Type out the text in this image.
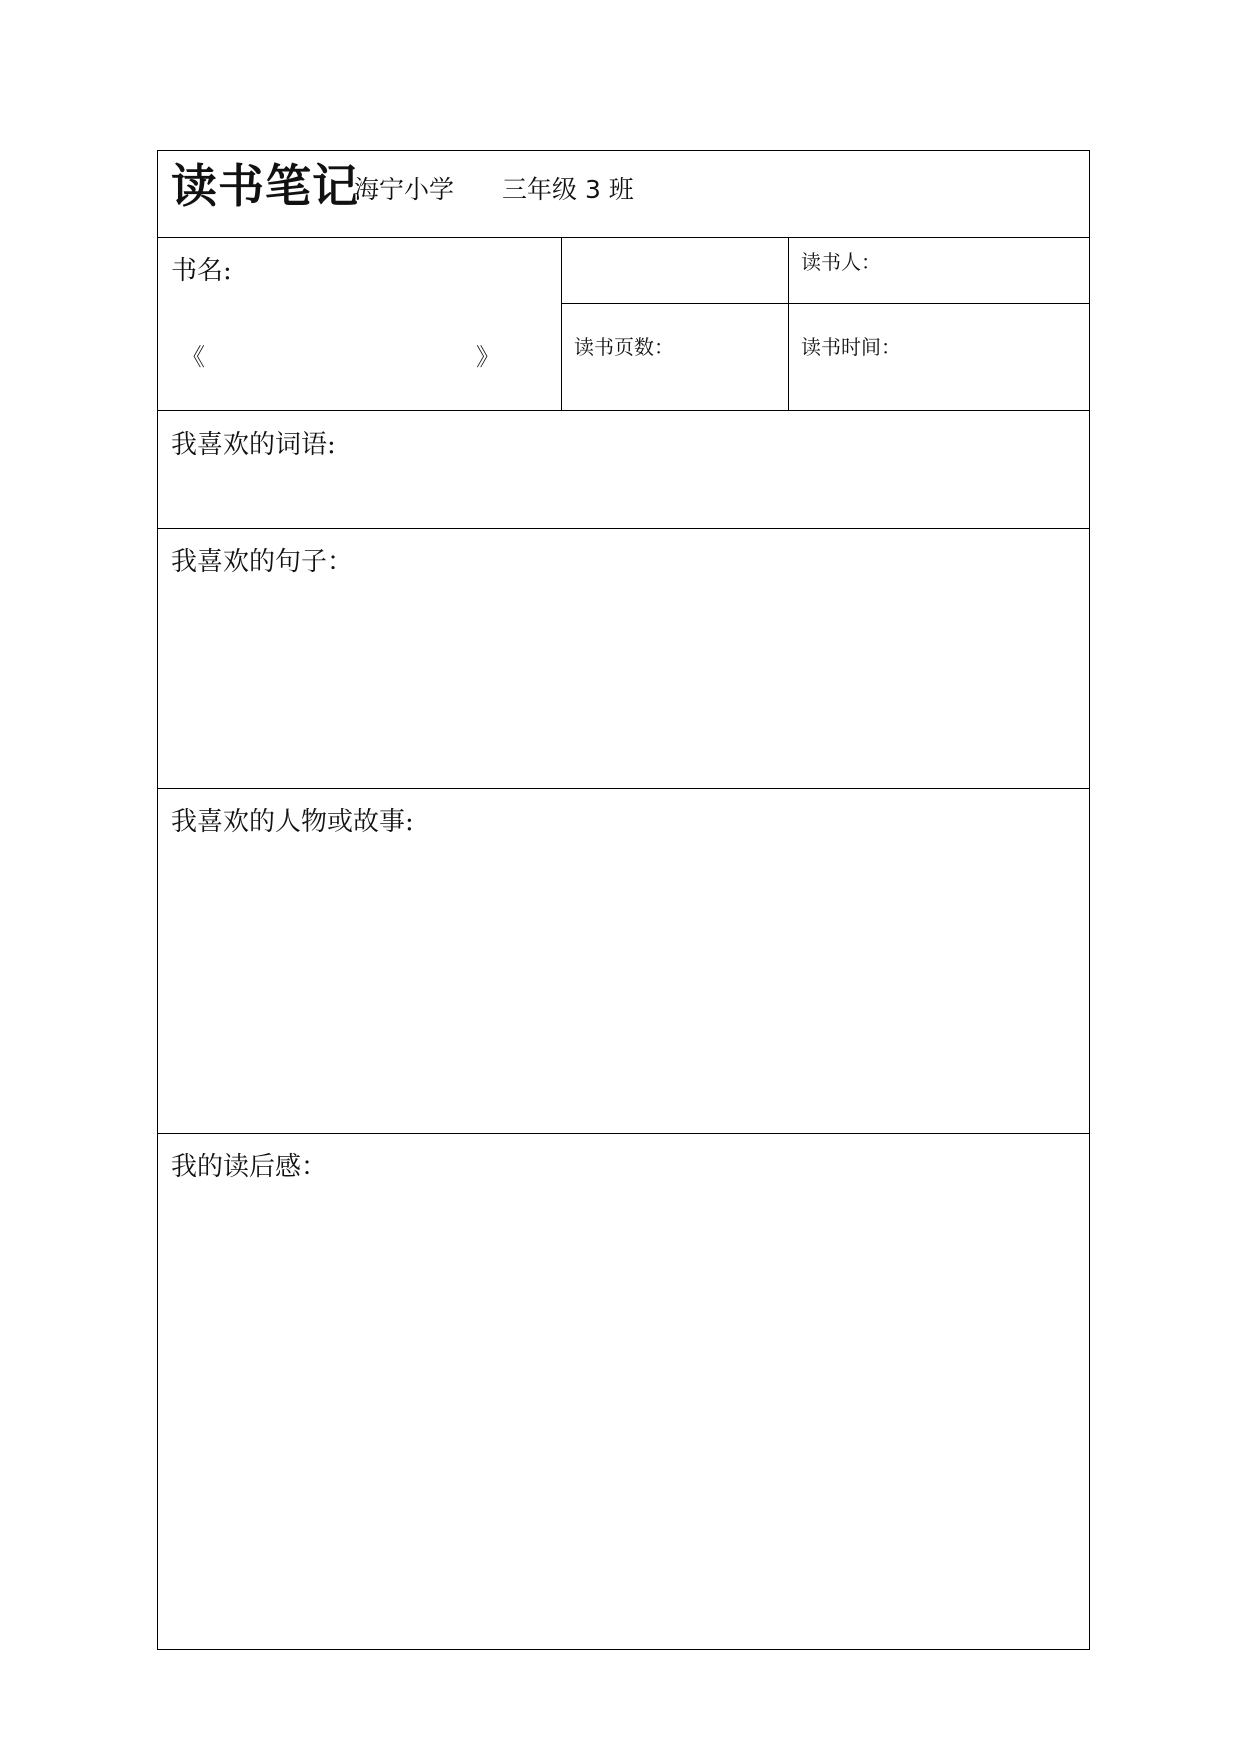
读书笔记
海宁小学 三年级 3 班
书名:
《	》
读书人：
读书页数：	读书时间：
我喜欢的词语:
我喜欢的句子：
我喜欢的人物或故事:
我的读后感：
